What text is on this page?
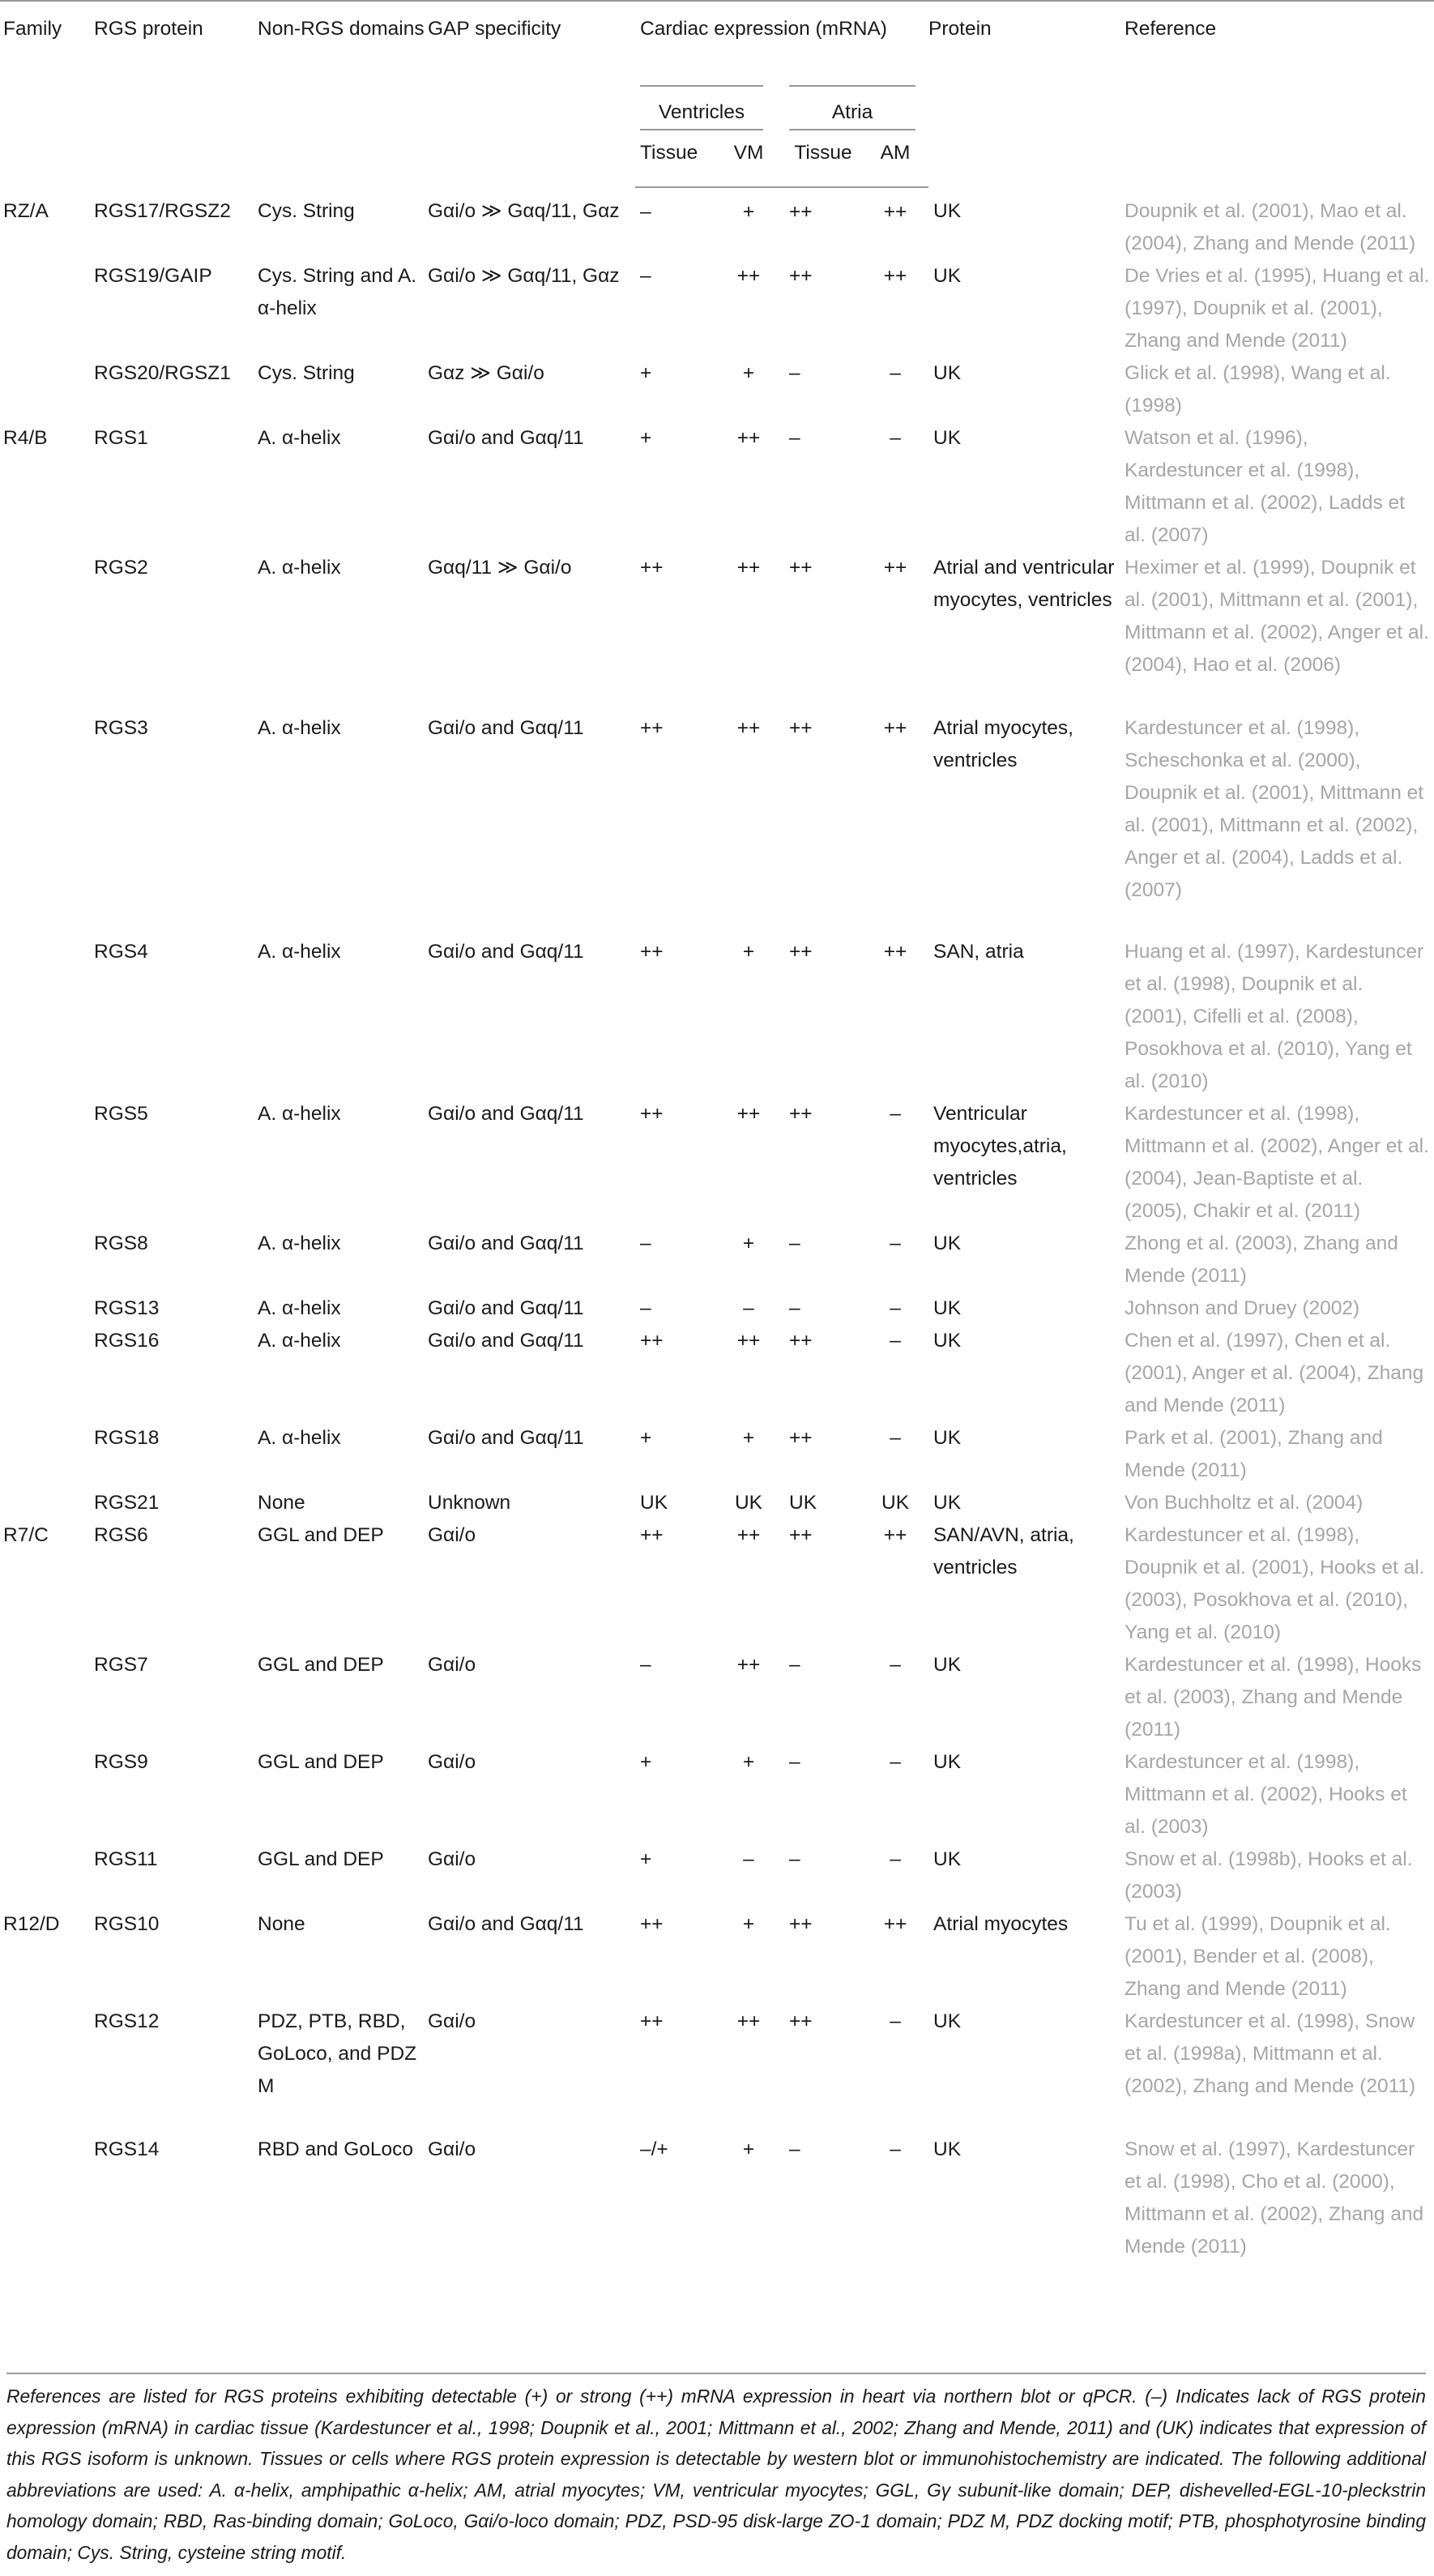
Family	RGS protein	Non-RGS domains	GAP specificity	Cardiac expression (mRNA)				Protein	Reference

				Ventricles		Atria			

				Tissue	VM	Tissue	AM		
RZ/A	RGS17/RGSZ2	Cys. String	Gαi/o ≫ Gαq/11, Gαz	–	+	++	++	UK	Doupnik et al. (2001), Mao et al. (2004), Zhang and Mende (2011)
	RGS19/GAIP	Cys. String and A. α-helix	Gαi/o ≫ Gαq/11, Gαz	–	++	++	++	UK	De Vries et al. (1995), Huang et al. (1997), Doupnik et al. (2001), Zhang and Mende (2011)
	RGS20/RGSZ1	Cys. String	Gαz ≫ Gαi/o	+	+	–	–	UK	Glick et al. (1998), Wang et al. (1998)
R4/B	RGS1	A. α-helix	Gαi/o and Gαq/11	+	++	–	–	UK	Watson et al. (1996), Kardestuncer et al. (1998), Mittmann et al. (2002), Ladds et al. (2007)
	RGS2	A. α-helix	Gαq/11 ≫ Gαi/o	++	++	++	++	Atrial and ventricular myocytes, ventricles	Heximer et al. (1999), Doupnik et al. (2001), Mittmann et al. (2001), Mittmann et al. (2002), Anger et al. (2004), Hao et al. (2006)
	RGS3	A. α-helix	Gαi/o and Gαq/11	++	++	++	++	Atrial myocytes, ventricles	Kardestuncer et al. (1998), Scheschonka et al. (2000), Doupnik et al. (2001), Mittmann et al. (2001), Mittmann et al. (2002), Anger et al. (2004), Ladds et al. (2007)
	RGS4	A. α-helix	Gαi/o and Gαq/11	++	+	++	++	SAN, atria	Huang et al. (1997), Kardestuncer et al. (1998), Doupnik et al. (2001), Cifelli et al. (2008), Posokhova et al. (2010), Yang et al. (2010)
	RGS5	A. α-helix	Gαi/o and Gαq/11	++	++	++	–	Ventricular myocytes,atria, ventricles	Kardestuncer et al. (1998), Mittmann et al. (2002), Anger et al. (2004), Jean-Baptiste et al. (2005), Chakir et al. (2011)
	RGS8	A. α-helix	Gαi/o and Gαq/11	–	+	–	–	UK	Zhong et al. (2003), Zhang and Mende (2011)
	RGS13	A. α-helix	Gαi/o and Gαq/11	–	–	–	–	UK	Johnson and Druey (2002)
	RGS16	A. α-helix	Gαi/o and Gαq/11	++	++	++	–	UK	Chen et al. (1997), Chen et al. (2001), Anger et al. (2004), Zhang and Mende (2011)
	RGS18	A. α-helix	Gαi/o and Gαq/11	+	+	++	–	UK	Park et al. (2001), Zhang and Mende (2011)
	RGS21	None	Unknown	UK	UK	UK	UK	UK	Von Buchholtz et al. (2004)
R7/C	RGS6	GGL and DEP	Gαi/o	++	++	++	++	SAN/AVN, atria, ventricles	Kardestuncer et al. (1998), Doupnik et al. (2001), Hooks et al. (2003), Posokhova et al. (2010), Yang et al. (2010)
	RGS7	GGL and DEP	Gαi/o	–	++	–	–	UK	Kardestuncer et al. (1998), Hooks et al. (2003), Zhang and Mende (2011)
	RGS9	GGL and DEP	Gαi/o	+	+	–	–	UK	Kardestuncer et al. (1998), Mittmann et al. (2002), Hooks et al. (2003)
	RGS11	GGL and DEP	Gαi/o	+	–	–	–	UK	Snow et al. (1998b), Hooks et al. (2003)
R12/D	RGS10	None	Gαi/o and Gαq/11	++	+	++	++	Atrial myocytes	Tu et al. (1999), Doupnik et al. (2001), Bender et al. (2008), Zhang and Mende (2011)
	RGS12	PDZ, PTB, RBD, GoLoco, and PDZ M	Gαi/o	++	++	++	–	UK	Kardestuncer et al. (1998), Snow et al. (1998a), Mittmann et al. (2002), Zhang and Mende (2011)
	RGS14	RBD and GoLoco	Gαi/o	–/+	+	–	–	UK	Snow et al. (1997), Kardestuncer et al. (1998), Cho et al. (2000), Mittmann et al. (2002), Zhang and Mende (2011)
References are listed for RGS proteins exhibiting detectable (+) or strong (++) mRNA expression in heart via northern blot or qPCR. (–) Indicates lack of RGS protein expression (mRNA) in cardiac tissue (Kardestuncer et al., 1998; Doupnik et al., 2001; Mittmann et al., 2002; Zhang and Mende, 2011) and (UK) indicates that expression of this RGS isoform is unknown. Tissues or cells where RGS protein expression is detectable by western blot or immunohistochemistry are indicated. The following additional abbreviations are used: A. α-helix, amphipathic α-helix; AM, atrial myocytes; VM, ventricular myocytes; GGL, Gγ subunit-like domain; DEP, dishevelled-EGL-10-pleckstrin homology domain; RBD, Ras-binding domain; GoLoco, Gαi/o-loco domain; PDZ, PSD-95 disk-large ZO-1 domain; PDZ M, PDZ docking motif; PTB, phosphotyrosine binding domain; Cys. String, cysteine string motif.
